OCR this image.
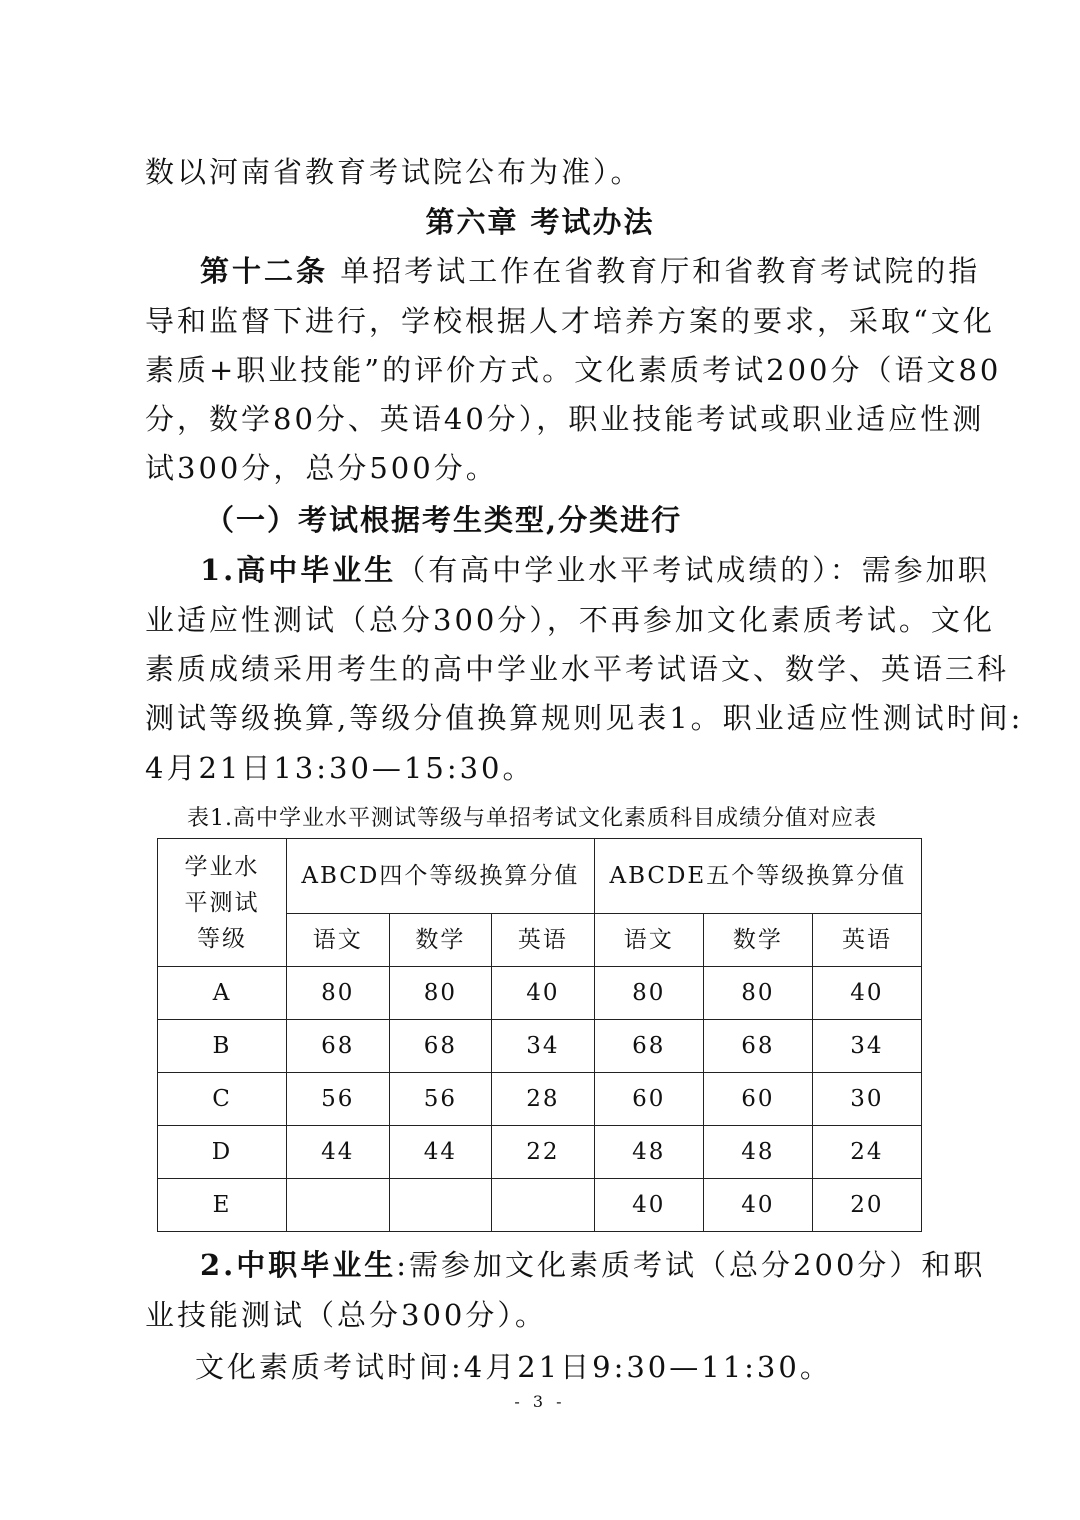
数以河南省教育考试院公布为准）。
第六章 考试办法
第十二条 单招考试工作在省教育厅和省教育考试院的指
导和监督下进行，学校根据人才培养方案的要求，采取“文化
素质+职业技能”的评价方式。文化素质考试200分（语文80
分，数学80分、英语40分），职业技能考试或职业适应性测
试300分，总分500分。
（一）考试根据考生类型,分类进行
1.高中毕业生（有高中学业水平考试成绩的）：需参加职
业适应性测试（总分300分），不再参加文化素质考试。文化
素质成绩采用考生的高中学业水平考试语文、数学、英语三科
测试等级换算,等级分值换算规则见表1。职业适应性测试时间:
4月21日13:30—15:30。
表1.高中学业水平测试等级与单招考试文化素质科目成绩分值对应表
学业水平测试等级	ABCD四个等级换算分值			ABCDE五个等级换算分值		

	语文	数学	英语	语文	数学	英语
A	80	80	40	80	80	40
B	68	68	34	68	68	34
C	56	56	28	60	60	30
D	44	44	22	48	48	24
E				40	40	20
2.中职毕业生:需参加文化素质考试（总分200分）和职
业技能测试（总分300分）。
文化素质考试时间:4月21日9:30—11:30。
- 3 -
